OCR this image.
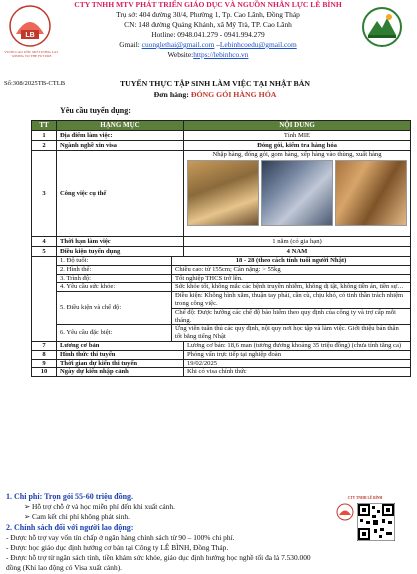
LB
VƯƠN CAO ƯỚC MƠ TƯƠNG LAI · RISING TO THE FUTURE
CTY TNHH MTV PHÁT TRIỂN GIÁO DỤC VÀ NGUỒN NHÂN LỰC LÊ BÌNH
Trụ sở: 404 đường 30/4, Phường 1, Tp. Cao Lãnh, Đồng Tháp
CN: 148 đường Quảng Khánh, xã Mỹ Trà, TP. Cao Lãnh
Hotline: 0948.041.279 - 0941.994.279
Gmail: cuonglethai@gmail.com –Lebinhcoedu@gmail.com
Website:https://lebinhco.vn
Số:308/2025TB-CTLB	TUYỂN THỰC TẬP SINH LÀM VIỆC TẠI NHẬT BẢN
Đơn hàng: ĐÓNG GÓI HÀNG HÓA
Yêu cầu tuyển dụng:
TT	HẠNG MỤC	NỘI DUNG
1	Địa điểm làm việc:	Tỉnh MIE
2	Ngành nghề xin visa	Đóng gói, kiểm tra hàng hóa
3	Công việc cụ thể	
Nhặp hàng, đóng gói, gom hàng, xếp hàng vào thùng, xuất hàng

4	Thời hạn làm việc	1 năm (có gia hạn)
5	Điều kiện tuyển dụng	4 NAM

1. Độ tuổi:	18 - 28 (theo cách tính tuổi người Nhật)
2. Hình thể:	Chiều cao: từ 155cm; Cân nặng: > 55kg
3. Trình độ:	Tốt nghiệp THCS trở lên.
4. Yêu cầu sức khỏe:	Sức khỏe tốt, không mắc các bệnh truyền nhiễm, không dị tật, không tiền án, tiền sự…
5. Điều kiện và chế độ:	Điều kiện: Không hình xăm, thuận tay phải, cần cù, chịu khó, có tinh thần trách nhiệm trong công việc.
Chế độ: Được hưởng các chế độ bảo hiểm theo quy định của công ty và trợ cấp mỗi tháng.
6. Yêu cầu đặc biệt:	Ứng viên tuân thủ các quy định, nội quy nơi học tập và làm việc. Giới thiệu bản thân tốt bằng tiếng Nhật

7	Lương cơ bản	Lương cơ bản: 18,6 man (tương đương khoảng 35 triệu đồng) (chưa tính tăng ca)
8	Hình thức thi tuyển	Phỏng vấn trực tiếp tại nghiệp đoàn
9	Thời gian dự kiến thi tuyển	19/02/2025
10	Ngày dự kiến nhập cảnh	Khi có visa chính thức
1. Chi phí: Trọn gói 55-60 triệu đồng.
➢ Hỗ trợ chỗ ở và học miễn phí đến khi xuất cảnh.
➢ Cam kết chi phí không phát sinh.
2. Chính sách đối với người lao động:
- Được hỗ trợ vay vốn tín chấp ở ngân hàng chính sách từ 90 – 100% chi phí.
- Được học giáo dục định hướng cơ bản tại Công ty LÊ BÌNH, Đồng Tháp.
- Được hỗ trợ từ ngân sách tỉnh, tiền khám sức khỏe, giáo dục định hướng học nghề tối đa là 7.530.000 đồng (Khi lao động có Visa xuất cảnh).
CTY TNHH LÊ BÌNH
